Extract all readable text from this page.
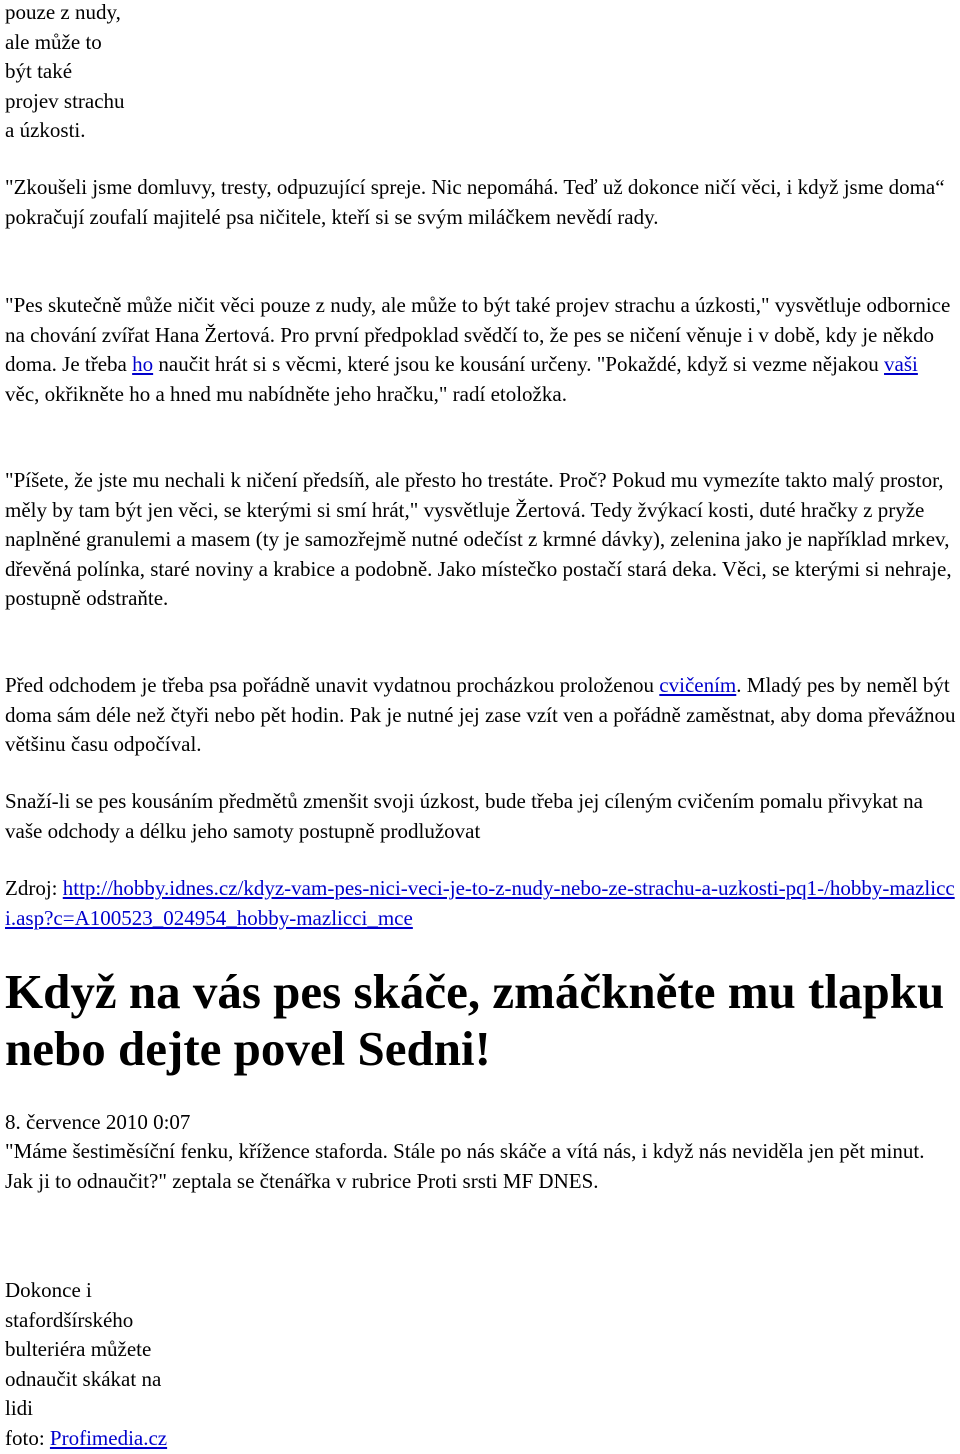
pouze z nudy,
ale může to
být také
projev strachu
a úzkosti.

"Zkoušeli jsme domluvy, tresty, odpuzující spreje. Nic nepomáhá. Teď už dokonce ničí věci, i když jsme doma“ pokračují zoufalí majitelé psa ničitele, kteří si se svým miláčkem nevědí rady.

"Pes skutečně může ničit věci pouze z nudy, ale může to být také projev strachu a úzkosti," vysvětluje odbornice na chování zvířat Hana Žertová. Pro první předpoklad svědčí to, že pes se ničení věnuje i v době, kdy je někdo doma. Je třeba ho naučit hrát si s věcmi, které jsou ke kousání určeny. "Pokaždé, když si vezme nějakou vaši věc, okřikněte ho a hned mu nabídněte jeho hračku," radí etoložka.

"Píšete, že jste mu nechali k ničení předsíň, ale přesto ho trestáte. Proč? Pokud mu vymezíte takto malý prostor, měly by tam být jen věci, se kterými si smí hrát," vysvětluje Žertová. Tedy žvýkací kosti, duté hračky z pryže naplněné granulemi a masem (ty je samozřejmě nutné odečíst z krmné dávky), zelenina jako je například mrkev, dřevěná polínka, staré noviny a krabice a podobně. Jako místečko postačí stará deka. Věci, se kterými si nehraje, postupně odstraňte.

Před odchodem je třeba psa pořádně unavit vydatnou procházkou proloženou cvičením. Mladý pes by neměl být doma sám déle než čtyři nebo pět hodin. Pak je nutné jej zase vzít ven a pořádně zaměstnat, aby doma převážnou většinu času odpočíval.

Snaží-li se pes kousáním předmětů zmenšit svoji úzkost, bude třeba jej cíleným cvičením pomalu přivykat na vaše odchody a délku jeho samoty postupně prodlužovat

Zdroj: http://hobby.idnes.cz/kdyz-vam-pes-nici-veci-je-to-z-nudy-nebo-ze-strachu-a-uzkosti-pq1-/hobby-mazlicci.asp?c=A100523_024954_hobby-mazlicci_mce

Když na vás pes skáče, zmáčkněte mu tlapku nebo dejte povel Sedni!

8. července 2010 0:07

"Máme šestiměsíční fenku, křížence staforda. Stále po nás skáče a vítá nás, i když nás neviděla jen pět minut. Jak ji to odnaučit?" zeptala se čtenářka v rubrice Proti srsti MF DNES.

Dokonce i
stafordšírského
bulteriéra můžete
odnaučit skákat na
lidi
foto: Profimedia.cz
